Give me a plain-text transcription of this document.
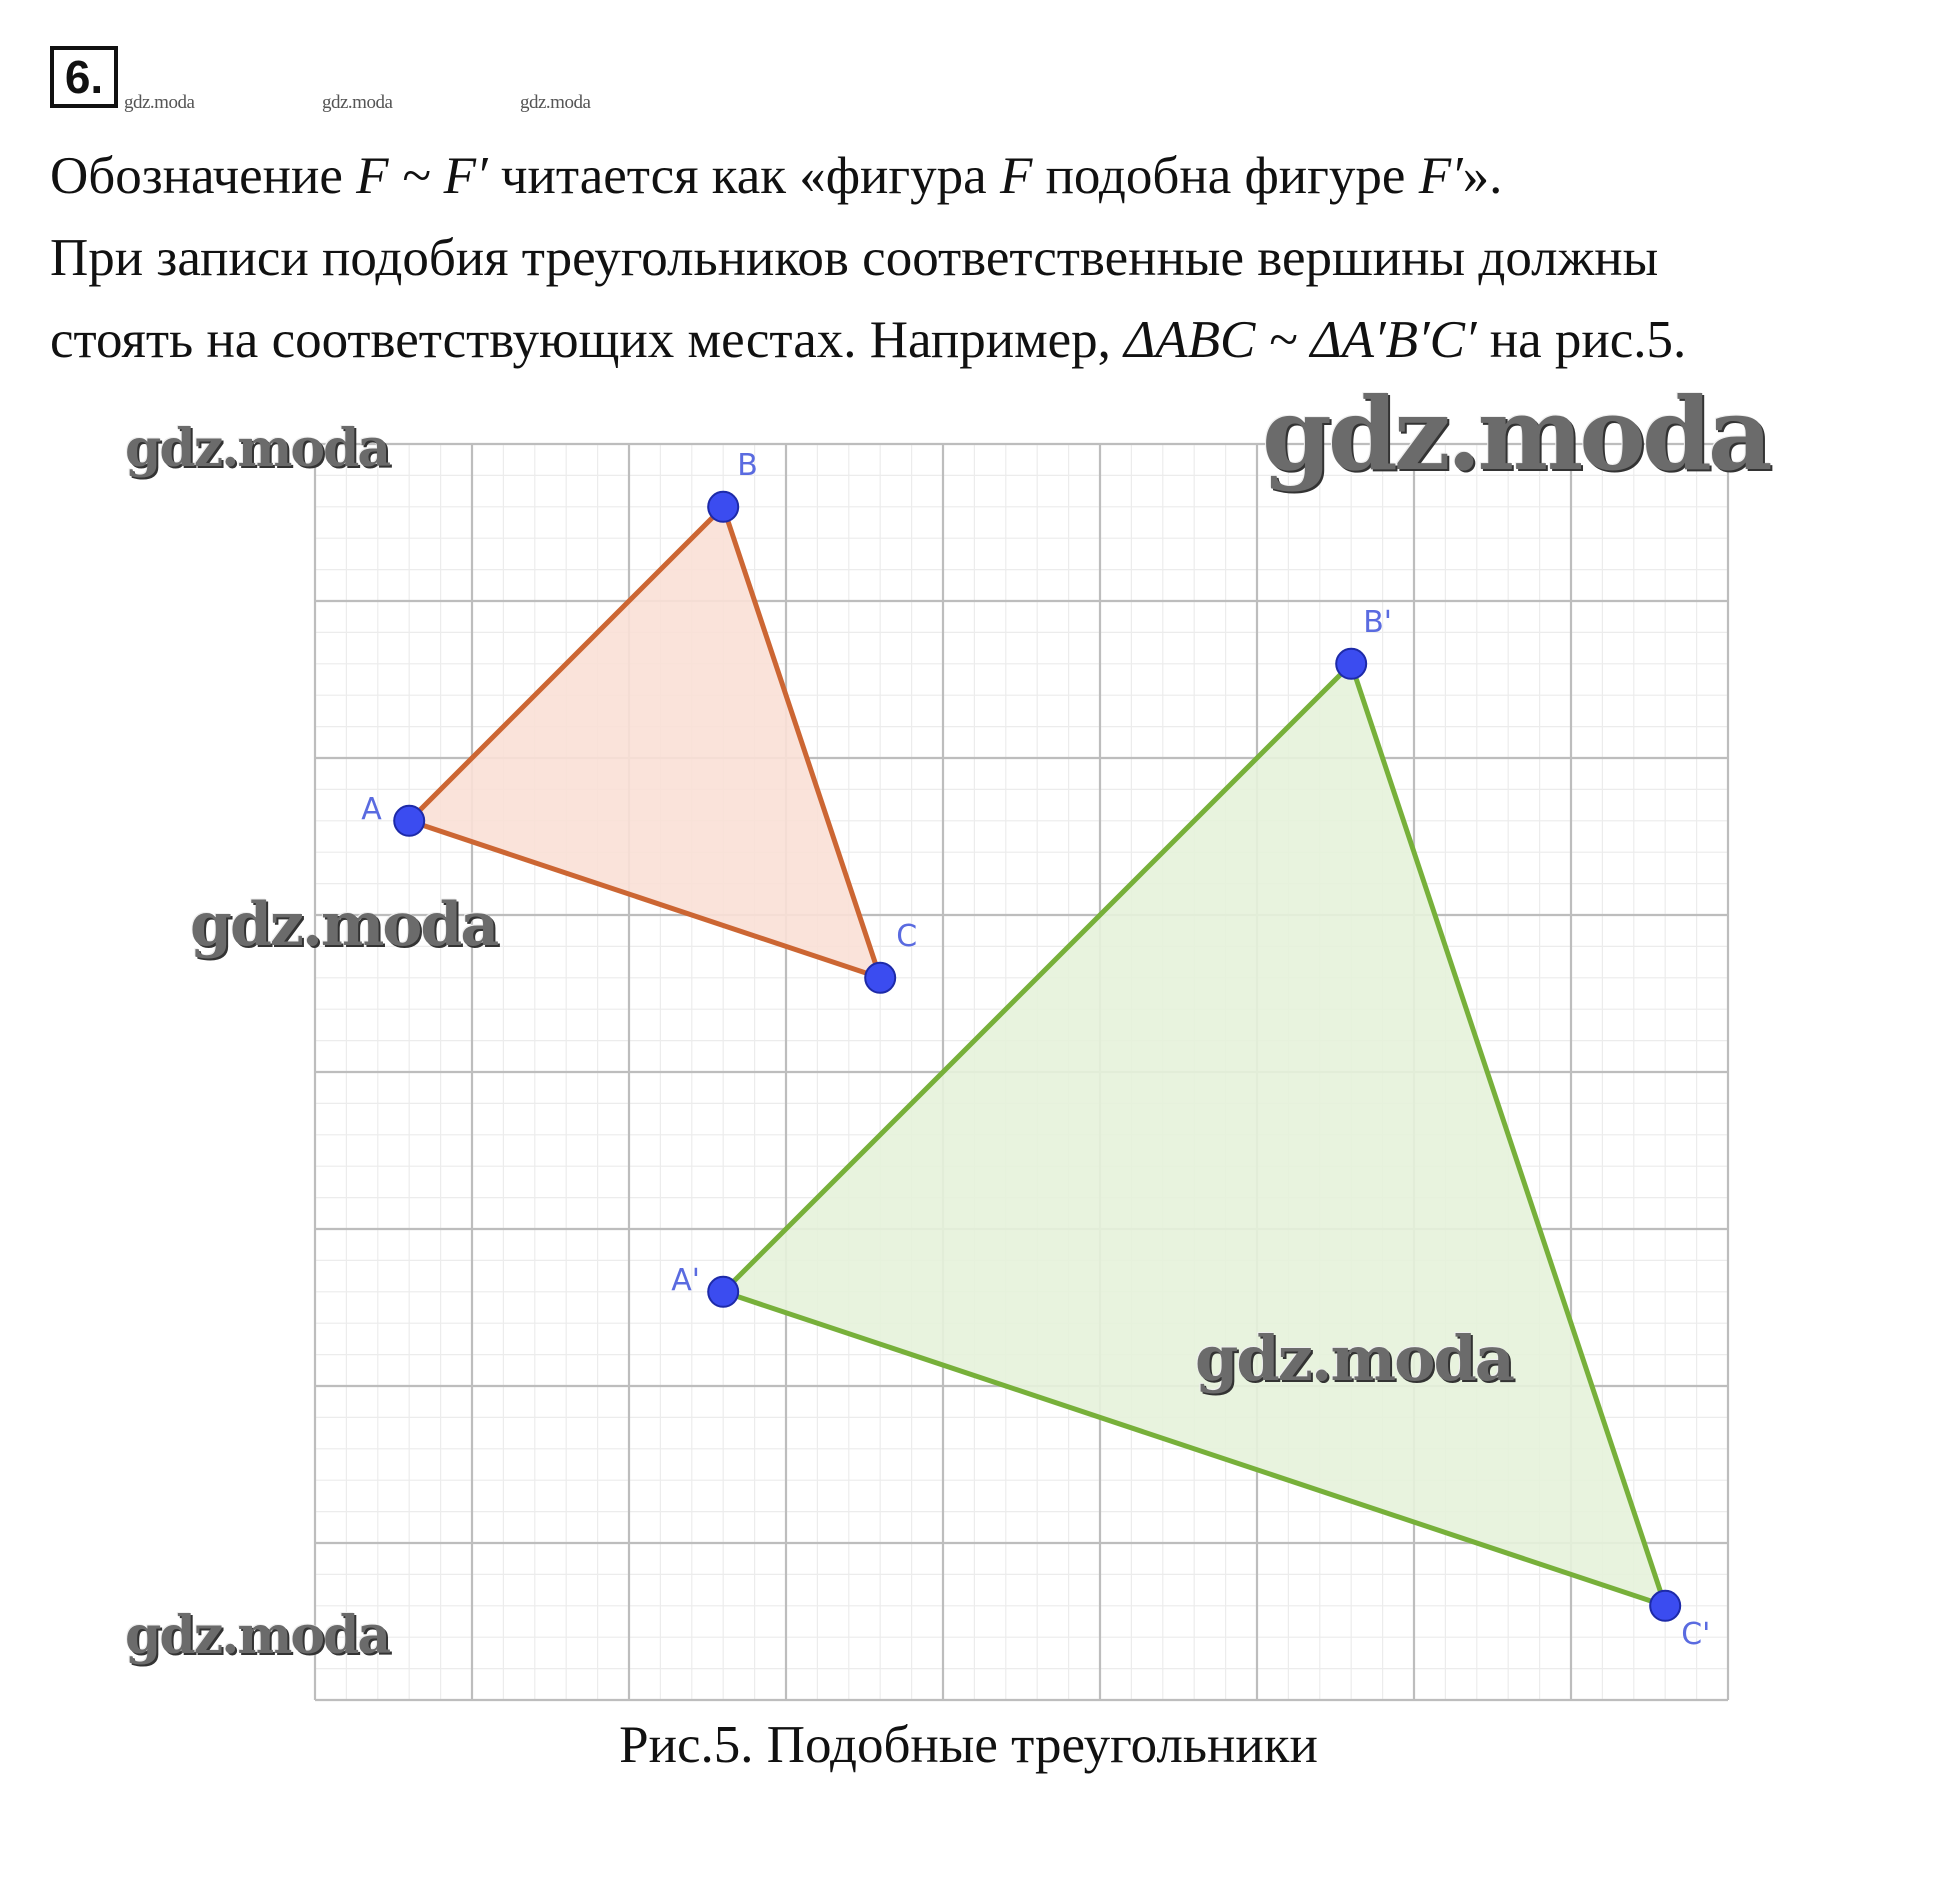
6.	gdz.moda	gdz.moda	gdz.moda
Обозначение F ~ F′ читается как «фигура F подобна фигуре F′».
При записи подобия треугольников соответственные вершины должны
стоять на соответствующих местах. Например, ΔABC ~ ΔA′B′C′ на рис.5.
A
B
C
A'
B'
C'
gdz.moda	gdz.moda
gdz.moda
gdz.moda
gdz.moda
Рис.5. Подобные треугольники
